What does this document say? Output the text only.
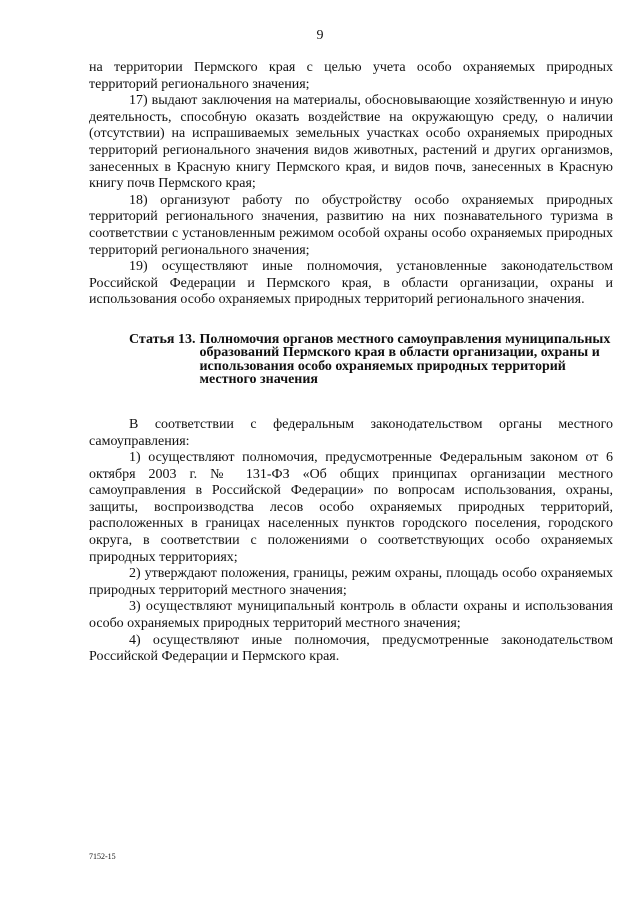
9

на территории Пермского края с целью учета особо охраняемых природных территорий регионального значения;

17) выдают заключения на материалы, обосновывающие хозяйственную и иную деятельность, способную оказать воздействие на окружающую среду, о наличии (отсутствии) на испрашиваемых земельных участках особо охраняемых природных территорий регионального значения видов животных, растений и других организмов, занесенных в Красную книгу Пермского края, и видов почв, занесенных в Красную книгу почв Пермского края;

18) организуют работу по обустройству особо охраняемых природных территорий регионального значения, развитию на них познавательного туризма в соответствии с установленным режимом особой охраны особо охраняемых природных территорий регионального значения;

19) осуществляют иные полномочия, установленные законодательством Российской Федерации и Пермского края, в области организации, охраны и использования особо охраняемых природных территорий регионального значения.

Статья 13. Полномочия органов местного самоуправления муниципальных образований Пермского края в области организации, охраны и использования особо охраняемых природных территорий местного значения

В соответствии с федеральным законодательством органы местного самоуправления:

1) осуществляют полномочия, предусмотренные Федеральным законом от 6 октября 2003 г. № 131-ФЗ «Об общих принципах организации местного самоуправления в Российской Федерации» по вопросам использования, охраны, защиты, воспроизводства лесов особо охраняемых природных территорий, расположенных в границах населенных пунктов городского поселения, городского округа, в соответствии с положениями о соответствующих особо охраняемых природных территориях;

2) утверждают положения, границы, режим охраны, площадь особо охраняемых природных территорий местного значения;

3) осуществляют муниципальный контроль в области охраны и использования особо охраняемых природных территорий местного значения;

4) осуществляют иные полномочия, предусмотренные законодательством Российской Федерации и Пермского края.

7152-15
